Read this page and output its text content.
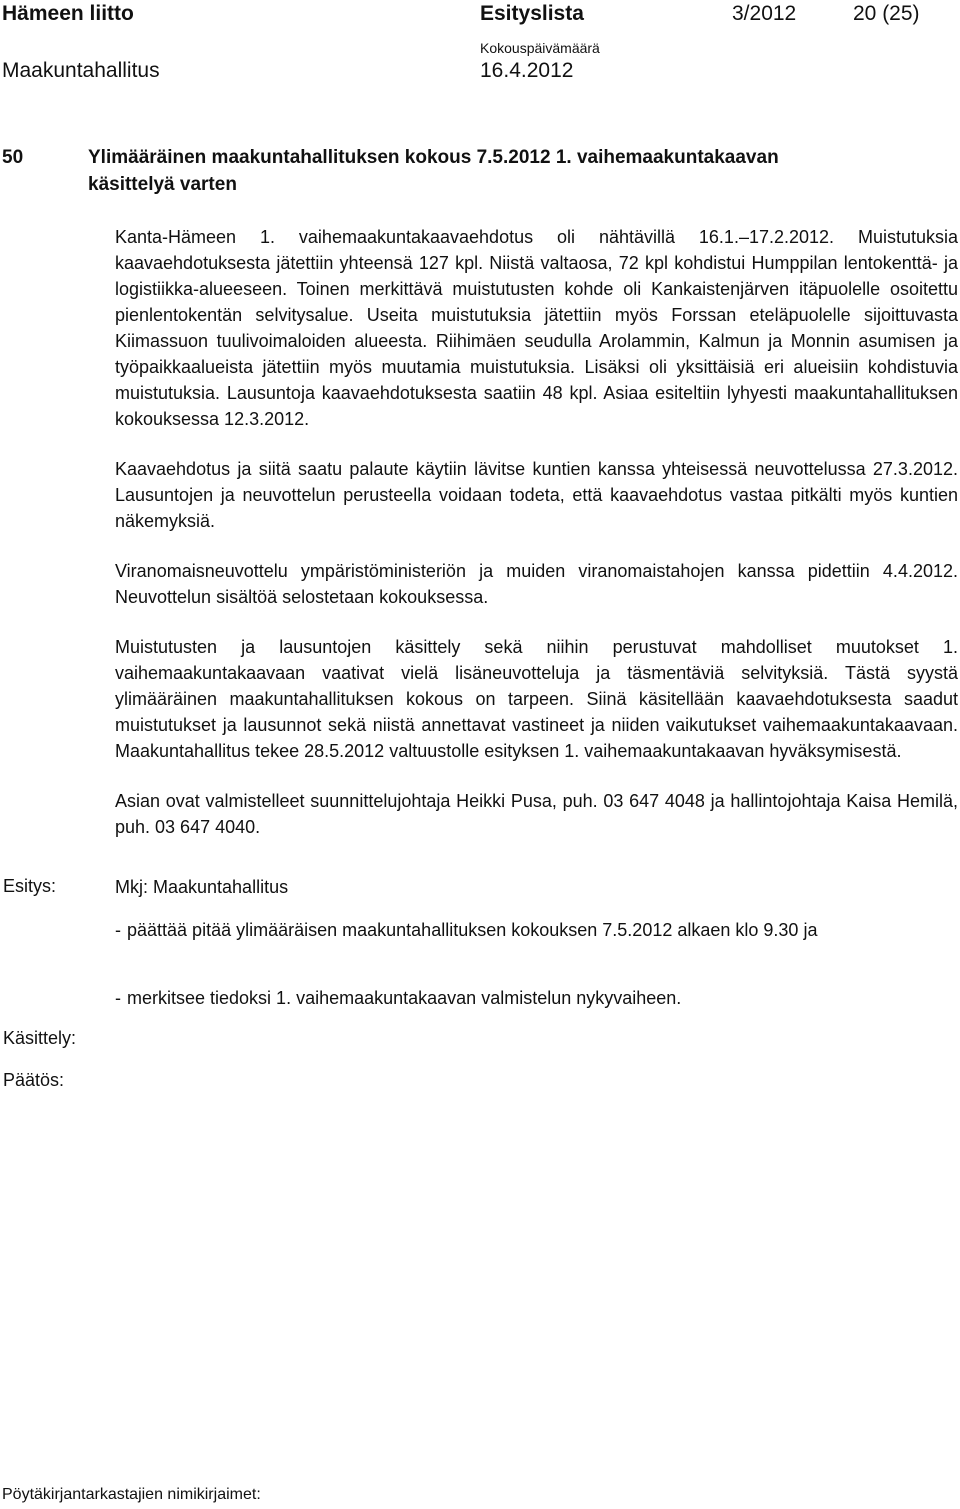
Hämeen liitto	Esityslista	3/2012	20 (25)
Kokouspäivämäärä
Maakuntahallitus	16.4.2012
50	Ylimääräinen maakuntahallituksen kokous 7.5.2012 1. vaihemaakuntakaavan käsittelyä varten

Kanta-Hämeen 1. vaihemaakuntakaavaehdotus oli nähtävillä 16.1.–17.2.2012. Muistutuksia kaavaehdotuksesta jätettiin yhteensä 127 kpl. Niistä valtaosa, 72 kpl kohdistui Humppilan lentokenttä- ja logistiikka-alueeseen. Toinen merkittävä muistutusten kohde oli Kankaistenjärven itäpuolelle osoitettu pienlentokentän selvitysalue. Useita muistutuksia jätettiin myös Forssan eteläpuolelle sijoittuvasta Kiimassuon tuulivoimaloiden alueesta. Riihimäen seudulla Arolammin, Kalmun ja Monnin asumisen ja työpaikkaalueista jätettiin myös muutamia muistutuksia. Lisäksi oli yksittäisiä eri alueisiin kohdistuvia muistutuksia. Lausuntoja kaavaehdotuksesta saatiin 48 kpl. Asiaa esiteltiin lyhyesti maakuntahallituksen kokouksessa 12.3.2012.

Kaavaehdotus ja siitä saatu palaute käytiin lävitse kuntien kanssa yhteisessä neuvottelussa 27.3.2012. Lausuntojen ja neuvottelun perusteella voidaan todeta, että kaavaehdotus vastaa pitkälti myös kuntien näkemyksiä.

Viranomaisneuvottelu ympäristöministeriön ja muiden viranomaistahojen kanssa pidettiin 4.4.2012. Neuvottelun sisältöä selostetaan kokouksessa.

Muistutusten ja lausuntojen käsittely sekä niihin perustuvat mahdolliset muutokset 1. vaihemaakuntakaavaan vaativat vielä lisäneuvotteluja ja täsmentäviä selvityksiä. Tästä syystä ylimääräinen maakuntahallituksen kokous on tarpeen. Siinä käsitellään kaavaehdotuksesta saadut muistutukset ja lausunnot sekä niistä annettavat vastineet ja niiden vaikutukset vaihemaakuntakaavaan. Maakuntahallitus tekee 28.5.2012 valtuustolle esityksen 1. vaihemaakuntakaavan hyväksymisestä.

Asian ovat valmistelleet suunnittelujohtaja Heikki Pusa, puh. 03 647 4048 ja hallintojohtaja Kaisa Hemilä, puh. 03 647 4040.

Esitys:	Mkj: Maakuntahallitus
- päättää pitää ylimääräisen maakuntahallituksen kokouksen 7.5.2012 alkaen klo 9.30 ja
- merkitsee tiedoksi 1. vaihemaakuntakaavan valmistelun nykyvaiheen.
Käsittely:
Päätös:
Pöytäkirjantarkastajien nimikirjaimet:
